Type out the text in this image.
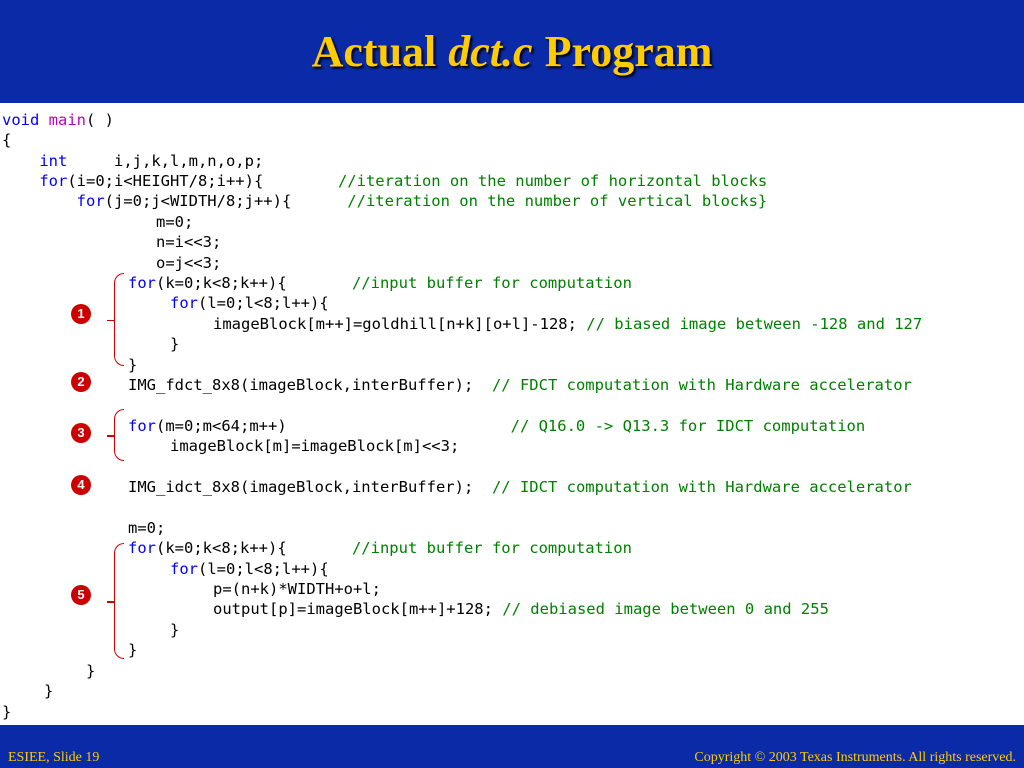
Actual dct.c Program
void main( )
{
int     i,j,k,l,m,n,o,p;
for(i=0;i<HEIGHT/8;i++){        //iteration on the number of horizontal blocks
for(j=0;j<WIDTH/8;j++){      //iteration on the number of vertical blocks}
m=0;
n=i<<3;
o=j<<3;
for(k=0;k<8;k++){       //input buffer for computation
for(l=0;l<8;l++){
imageBlock[m++]=goldhill[n+k][o+l]-128; // biased image between -128 and 127
}
}
IMG_fdct_8x8(imageBlock,interBuffer);  // FDCT computation with Hardware accelerator
for(m=0;m<64;m++)                        // Q16.0 -> Q13.3 for IDCT computation
imageBlock[m]=imageBlock[m]<<3;
IMG_idct_8x8(imageBlock,interBuffer);  // IDCT computation with Hardware accelerator
m=0;
for(k=0;k<8;k++){       //input buffer for computation
for(l=0;l<8;l++){
p=(n+k)*WIDTH+o+l;
output[p]=imageBlock[m++]+128; // debiased image between 0 and 255
}
}
}
}
}
1
2
3
4
5
ESIEE, Slide 19	Copyright © 2003 Texas Instruments. All rights reserved.
